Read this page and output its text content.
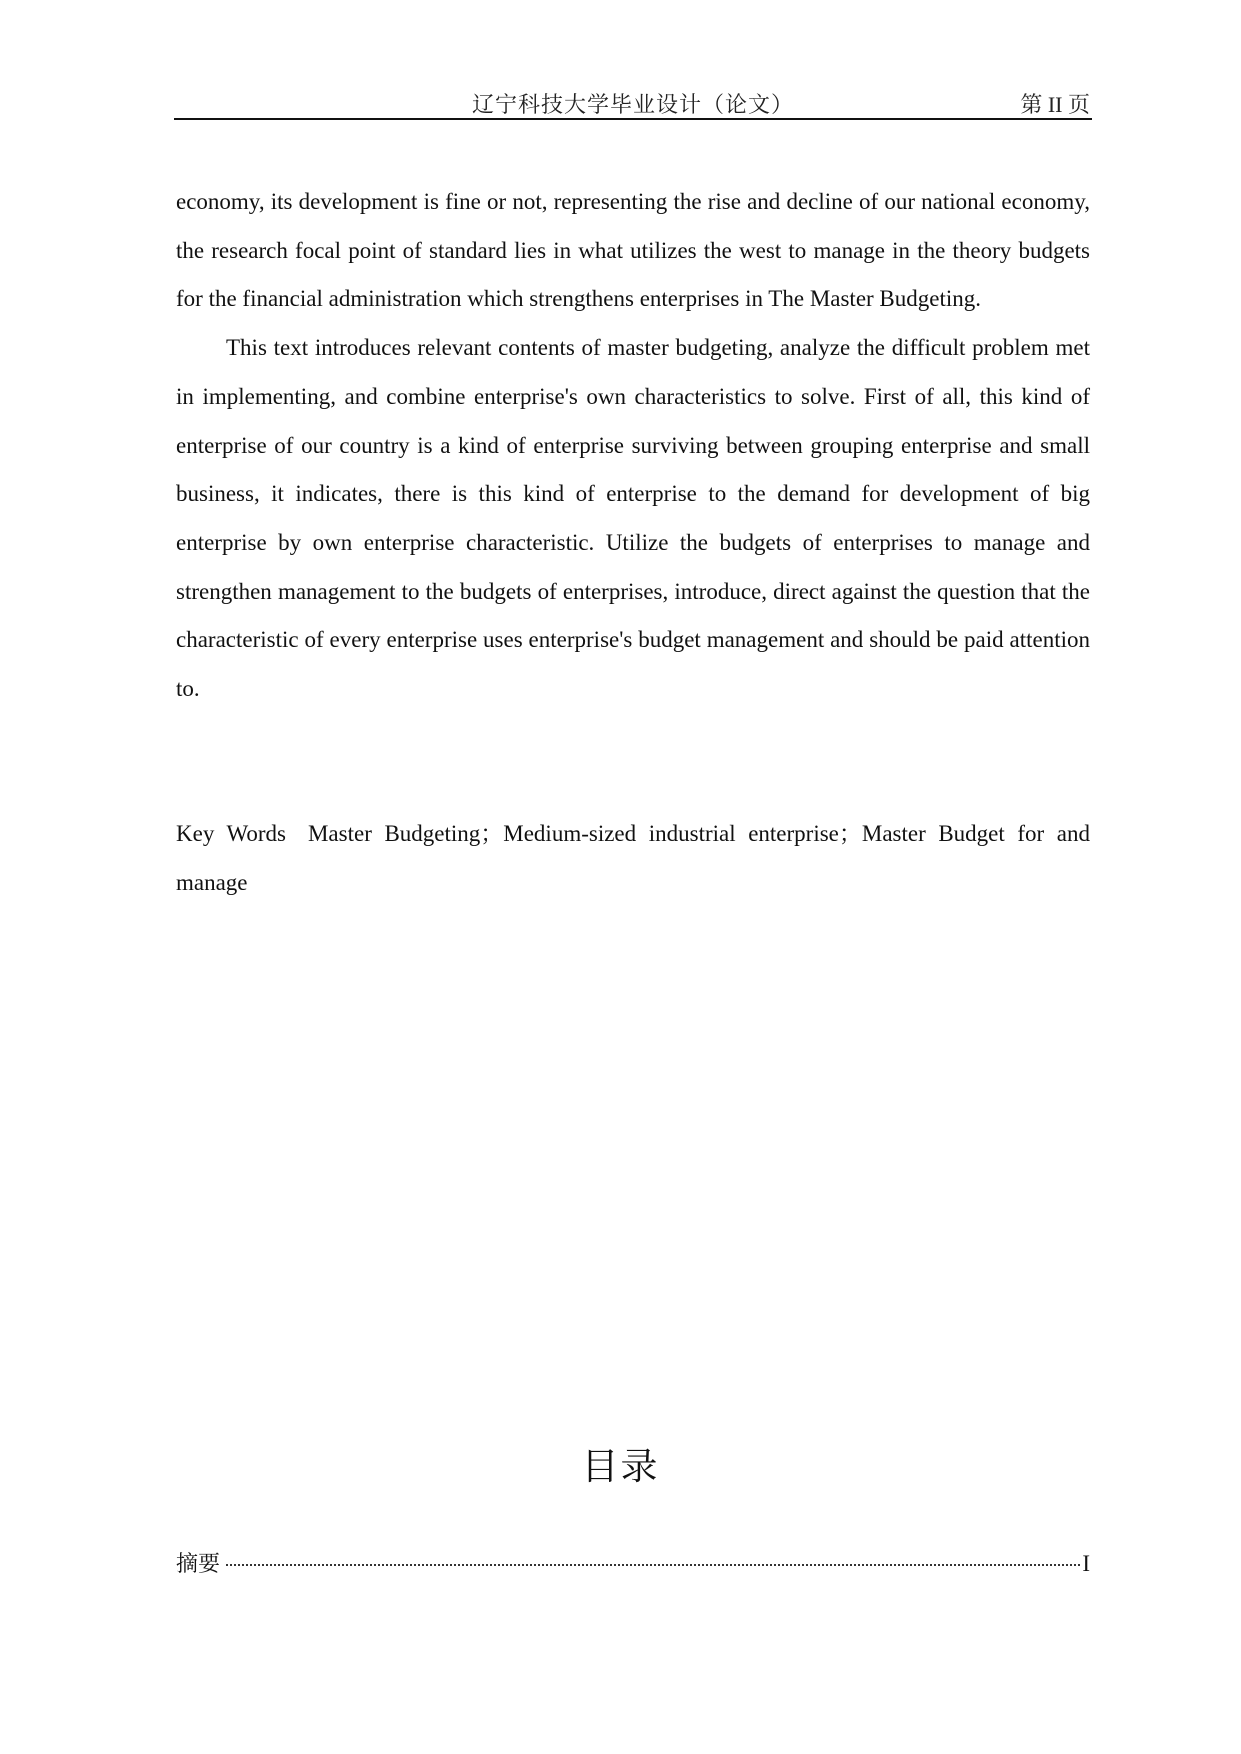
辽宁科技大学毕业设计（论文）	第 II 页

economy, its development is fine or not, representing the rise and decline of our national economy, the research focal point of standard lies in what utilizes the west to manage in the theory budgets for the financial administration which strengthens enterprises in The Master Budgeting.

This text introduces relevant contents of master budgeting, analyze the difficult problem met in implementing, and combine enterprise's own characteristics to solve. First of all, this kind of enterprise of our country is a kind of enterprise surviving between grouping enterprise and small business, it indicates, there is this kind of enterprise to the demand for development of big enterprise by own enterprise characteristic. Utilize the budgets of enterprises to manage and strengthen management to the budgets of enterprises, introduce, direct against the question that the characteristic of every enterprise uses enterprise's budget management and should be paid attention to.

Key Words Master Budgeting；Medium-sized industrial enterprise；Master Budget for and manage
目录
摘要	I
